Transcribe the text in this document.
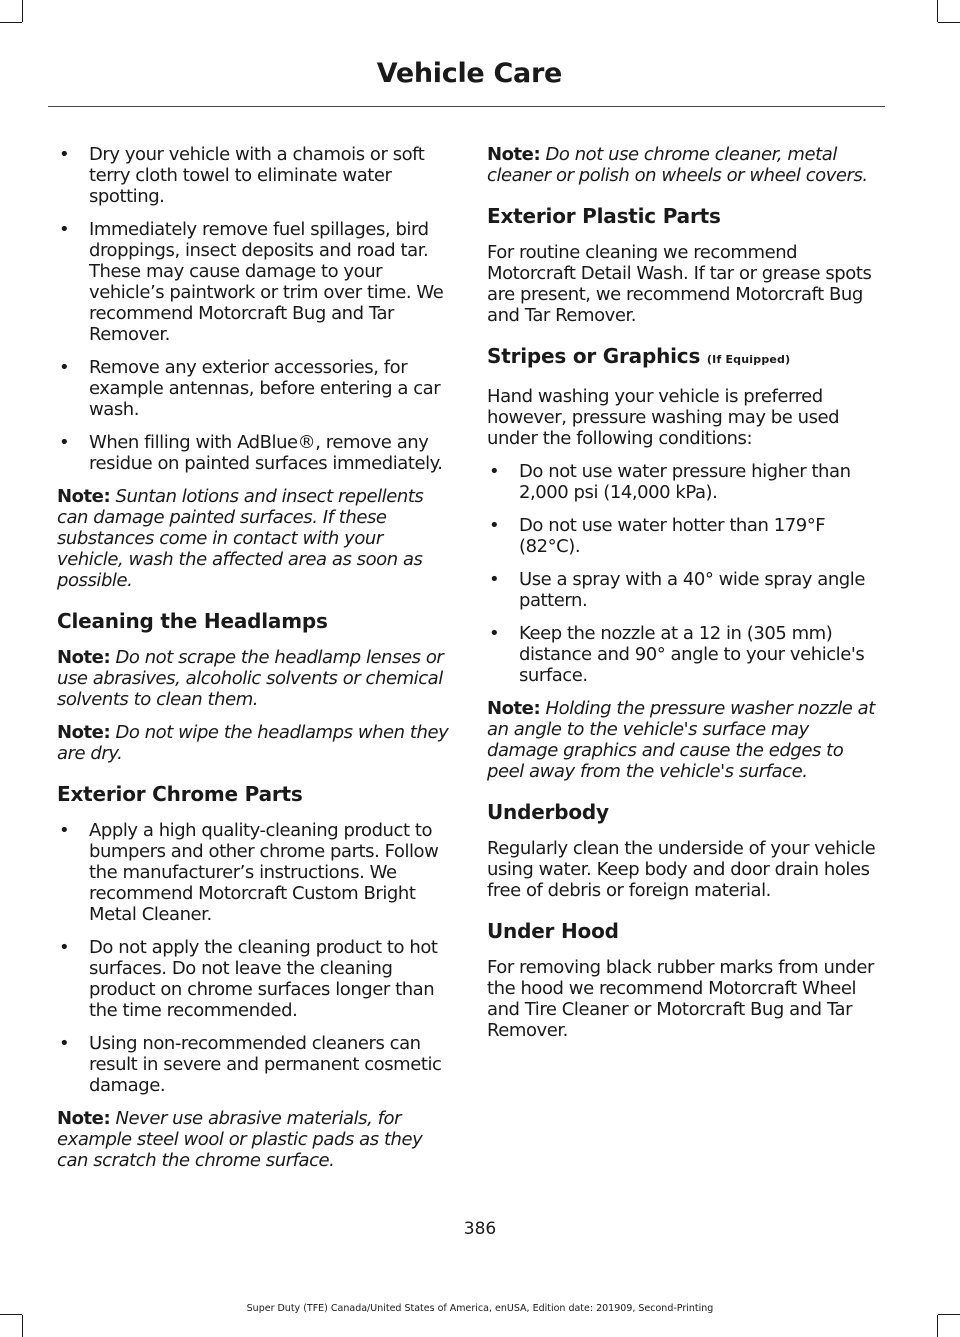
Vehicle Care
• Dry your vehicle with a chamois or soft terry cloth towel to eliminate water spotting.
• Immediately remove fuel spillages, bird droppings, insect deposits and road tar. These may cause damage to your vehicle’s paintwork or trim over time. We recommend Motorcraft Bug and Tar Remover.
• Remove any exterior accessories, for example antennas, before entering a car wash.
• When filling with AdBlue®, remove any residue on painted surfaces immediately.

Note: Suntan lotions and insect repellents can damage painted surfaces. If these substances come in contact with your vehicle, wash the affected area as soon as possible.

Cleaning the Headlamps

Note: Do not scrape the headlamp lenses or use abrasives, alcoholic solvents or chemical solvents to clean them.

Note: Do not wipe the headlamps when they are dry.

Exterior Chrome Parts
• Apply a high quality-cleaning product to bumpers and other chrome parts. Follow the manufacturer’s instructions. We recommend Motorcraft Custom Bright Metal Cleaner.
• Do not apply the cleaning product to hot surfaces. Do not leave the cleaning product on chrome surfaces longer than the time recommended.
• Using non-recommended cleaners can result in severe and permanent cosmetic damage.

Note: Never use abrasive materials, for example steel wool or plastic pads as they can scratch the chrome surface.

Note: Do not use chrome cleaner, metal cleaner or polish on wheels or wheel covers.

Exterior Plastic Parts

For routine cleaning we recommend Motorcraft Detail Wash. If tar or grease spots are present, we recommend Motorcraft Bug and Tar Remover.

Stripes or Graphics (If Equipped)

Hand washing your vehicle is preferred however, pressure washing may be used under the following conditions:

• Do not use water pressure higher than 2,000 psi (14,000 kPa).
• Do not use water hotter than 179°F (82°C).
• Use a spray with a 40° wide spray angle pattern.
• Keep the nozzle at a 12 in (305 mm) distance and 90° angle to your vehicle's surface.

Note: Holding the pressure washer nozzle at an angle to the vehicle's surface may damage graphics and cause the edges to peel away from the vehicle's surface.

Underbody

Regularly clean the underside of your vehicle using water. Keep body and door drain holes free of debris or foreign material.

Under Hood

For removing black rubber marks from under the hood we recommend Motorcraft Wheel and Tire Cleaner or Motorcraft Bug and Tar Remover.

386
Super Duty (TFE) Canada/United States of America, enUSA, Edition date: 201909, Second-Printing
